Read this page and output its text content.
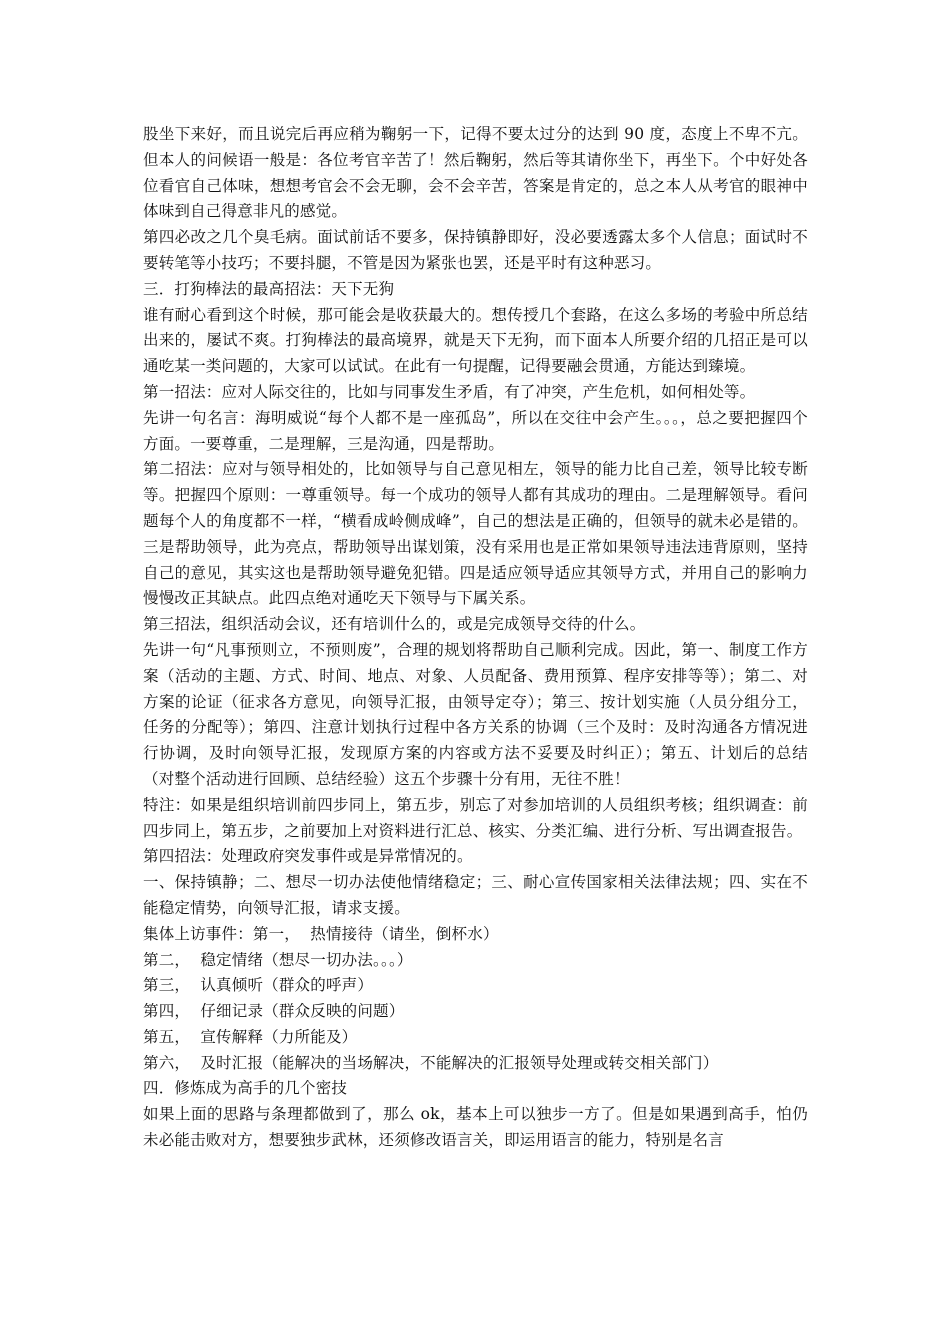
股坐下来好，而且说完后再应稍为鞠躬一下，记得不要太过分的达到 90 度，态度上不卑不亢。但本人的问候语一般是：各位考官辛苦了！然后鞠躬，然后等其请你坐下，再坐下。个中好处各位看官自己体味，想想考官会不会无聊，会不会辛苦，答案是肯定的，总之本人从考官的眼神中体味到自己得意非凡的感觉。

第四必改之几个臭毛病。面试前话不要多，保持镇静即好，没必要透露太多个人信息；面试时不要转笔等小技巧；不要抖腿，不管是因为紧张也罢，还是平时有这种恶习。

三．打狗棒法的最高招法：天下无狗

谁有耐心看到这个时候，那可能会是收获最大的。想传授几个套路，在这么多场的考验中所总结出来的，屡试不爽。打狗棒法的最高境界，就是天下无狗，而下面本人所要介绍的几招正是可以通吃某一类问题的，大家可以试试。在此有一句提醒，记得要融会贯通，方能达到臻境。

第一招法：应对人际交往的，比如与同事发生矛盾，有了冲突，产生危机，如何相处等。

先讲一句名言：海明威说“每个人都不是一座孤岛”，所以在交往中会产生。。。，总之要把握四个方面。一要尊重，二是理解，三是沟通，四是帮助。

第二招法：应对与领导相处的，比如领导与自己意见相左，领导的能力比自己差，领导比较专断等。把握四个原则：一尊重领导。每一个成功的领导人都有其成功的理由。二是理解领导。看问题每个人的角度都不一样，“横看成岭侧成峰”，自己的想法是正确的，但领导的就未必是错的。三是帮助领导，此为亮点，帮助领导出谋划策，没有采用也是正常如果领导违法违背原则，坚持自己的意见，其实这也是帮助领导避免犯错。四是适应领导适应其领导方式，并用自己的影响力慢慢改正其缺点。此四点绝对通吃天下领导与下属关系。

第三招法，组织活动会议，还有培训什么的，或是完成领导交待的什么。

先讲一句“凡事预则立，不预则废”，合理的规划将帮助自己顺利完成。因此，第一、制度工作方案（活动的主题、方式、时间、地点、对象、人员配备、费用预算、程序安排等等）；第二、对方案的论证（征求各方意见，向领导汇报，由领导定夺）；第三、按计划实施（人员分组分工，任务的分配等）；第四、注意计划执行过程中各方关系的协调（三个及时：及时沟通各方情况进行协调，及时向领导汇报，发现原方案的内容或方法不妥要及时纠正）；第五、计划后的总结（对整个活动进行回顾、总结经验）这五个步骤十分有用，无往不胜！

特注：如果是组织培训前四步同上，第五步，别忘了对参加培训的人员组织考核；组织调查：前四步同上，第五步，之前要加上对资料进行汇总、核实、分类汇编、进行分析、写出调查报告。

第四招法：处理政府突发事件或是异常情况的。

一、保持镇静；二、想尽一切办法使他情绪稳定；三、耐心宣传国家相关法律法规；四、实在不能稳定情势，向领导汇报，请求支援。

集体上访事件：第一，  热情接待（请坐，倒杯水）

第二，  稳定情绪（想尽一切办法。。。）

第三，  认真倾听（群众的呼声）

第四，  仔细记录（群众反映的问题）

第五，  宣传解释（力所能及）

第六，  及时汇报（能解决的当场解决，不能解决的汇报领导处理或转交相关部门）

四．修炼成为高手的几个密技

如果上面的思路与条理都做到了，那么 ok，基本上可以独步一方了。但是如果遇到高手，怕仍未必能击败对方，想要独步武林，还须修改语言关，即运用语言的能力，特别是名言
